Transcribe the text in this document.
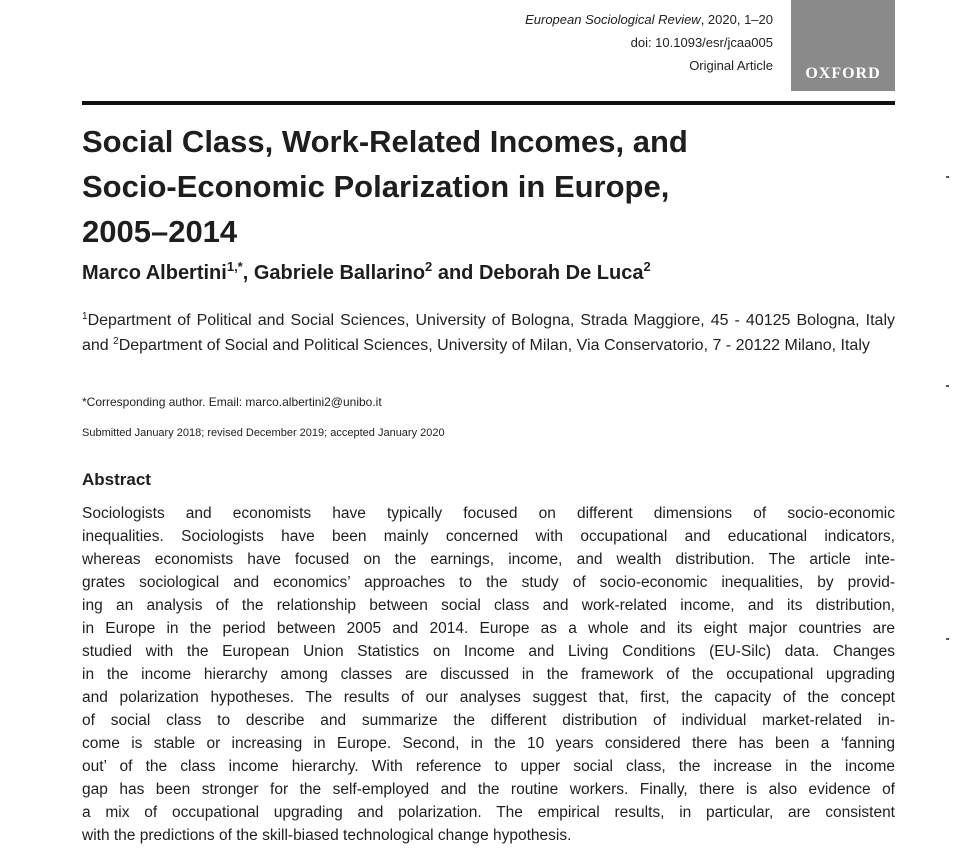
European Sociological Review, 2020, 1–20
doi: 10.1093/esr/jcaa005
Original Article	OXFORD
Social Class, Work-Related Incomes, and
Socio-Economic Polarization in Europe,
2005–2014
Marco Albertini$^{1,*}$, Gabriele Ballarino$^2$ and Deborah De Luca$^2$
$^1$Department of Political and Social Sciences, University of Bologna, Strada Maggiore, 45 - 40125 Bologna, Italy and $^2$Department of Social and Political Sciences, University of Milan, Via Conservatorio, 7 - 20122 Milano, Italy
*Corresponding author. Email: marco.albertini2@unibo.it
Submitted January 2018; revised December 2019; accepted January 2020
Abstract
Sociologists and economists have typically focused on different dimensions of socio-economic
inequalities. Sociologists have been mainly concerned with occupational and educational indicators,
whereas economists have focused on the earnings, income, and wealth distribution. The article inte-
grates sociological and economics’ approaches to the study of socio-economic inequalities, by provid-
ing an analysis of the relationship between social class and work-related income, and its distribution,
in Europe in the period between 2005 and 2014. Europe as a whole and its eight major countries are
studied with the European Union Statistics on Income and Living Conditions (EU-Silc) data. Changes
in the income hierarchy among classes are discussed in the framework of the occupational upgrading
and polarization hypotheses. The results of our analyses suggest that, first, the capacity of the concept
of social class to describe and summarize the different distribution of individual market-related in-
come is stable or increasing in Europe. Second, in the 10 years considered there has been a ‘fanning
out’ of the class income hierarchy. With reference to upper social class, the increase in the income
gap has been stronger for the self-employed and the routine workers. Finally, there is also evidence of
a mix of occupational upgrading and polarization. The empirical results, in particular, are consistent
with the predictions of the skill-biased technological change hypothesis.
